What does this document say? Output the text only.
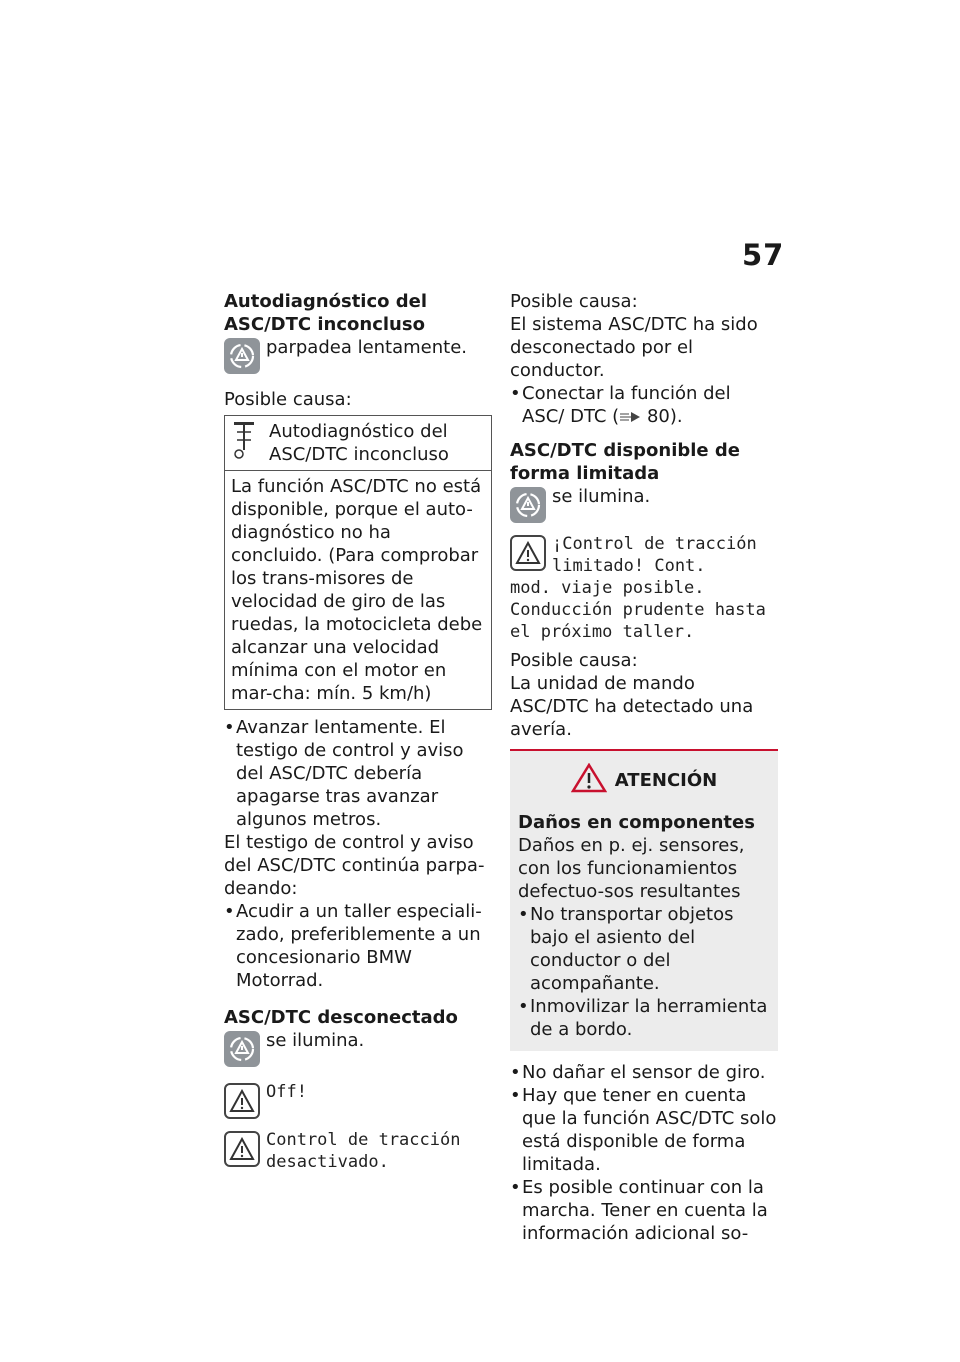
57

Autodiagnóstico del ASC/DTC inconcluso

parpadea lentamente.

Posible causa:

Autodiagnóstico del ASC/DTC inconcluso
La función ASC/DTC no está disponible, porque el auto-diagnóstico no ha concluido. (Para comprobar los trans-misores de velocidad de giro de las ruedas, la motocicleta debe alcanzar una velocidad mínima con el motor en mar-cha: mín. 5 km/h)
• Avanzar lentamente. El testigo de control y aviso del ASC/DTC debería apagarse tras avanzar algunos metros.

El testigo de control y aviso del ASC/DTC continúa parpa-deando:

• Acudir a un taller especiali-zado, preferiblemente a un concesionario BMW Motorrad.

ASC/DTC desconectado

se ilumina.
Off!
Control de tracción desactivado.

Posible causa:

El sistema ASC/DTC ha sido desconectado por el conductor.

• Conectar la función del ASC/ DTC ( 80).

ASC/DTC disponible de forma limitada

se ilumina.
¡Control de tracción limitado! Cont.
mod. viaje posible. Conducción prudente hasta el próximo taller.

Posible causa:

La unidad de mando ASC/DTC ha detectado una avería.

ATENCIÓN

Daños en componentes

Daños en p. ej. sensores, con los funcionamientos defectuo-sos resultantes

• No transportar objetos bajo el asiento del conductor o del acompañante.
• Inmovilizar la herramienta de a bordo.
• No dañar el sensor de giro.
• Hay que tener en cuenta que la función ASC/DTC solo está disponible de forma limitada.
• Es posible continuar con la marcha. Tener en cuenta la información adicional so-
